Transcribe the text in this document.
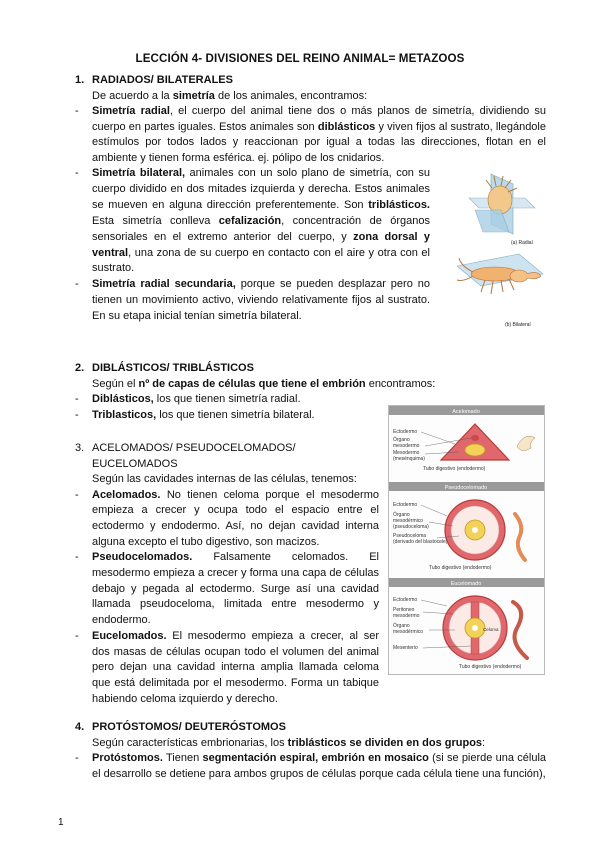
LECCIÓN 4- DIVISIONES DEL REINO ANIMAL= METAZOOS
1. RADIADOS/ BILATERALES

De acuerdo a la simetría de los animales, encontramos:

-	Simetría radial, el cuerpo del animal tiene dos o más planos de simetría, dividiendo su cuerpo en partes iguales. Estos animales son diblásticos y viven fijos al sustrato, llegándole estímulos por todos lados y reaccionan por igual a todas las direcciones, flotan en el ambiente y tienen forma esférica. ej. pólipo de los cnidarios.

-	Simetría bilateral, animales con un solo plano de simetría, con su cuerpo dividido en dos mitades izquierda y derecha. Estos animales se mueven en alguna dirección preferentemente. Son triblásticos. Esta simetría conlleva cefalización, concentración de órganos sensoriales en el extremo anterior del cuerpo, y zona dorsal y ventral, una zona de su cuerpo en contacto con el aire y otra con el sustrato.

-	Simetría radial secundaria, porque se pueden desplazar pero no tienen un movimiento activo, viviendo relativamente fijos al sustrato. En su etapa inicial tenían simetría bilateral.

(a) Radial
(b) Bilateral
2. DIBLÁSTICOS/ TRIBLÁSTICOS

Según el nº de capas de células que tiene el embrión encontramos:

-	Diblásticos, los que tienen simetría radial.

-	Triblasticos, los que tienen simetría bilateral.

3. ACELOMADOS/ PSEUDOCELOMADOS/ EUCELOMADOS

Según las cavidades internas de las células, tenemos:

-	Acelomados. No tienen celoma porque el mesodermo empieza a crecer y ocupa todo el espacio entre el ectodermo y endodermo. Así, no dejan cavidad interna alguna excepto el tubo digestivo, son macizos.

-	Pseudocelomados. Falsamente celomados. El mesodermo empieza a crecer y forma una capa de células debajo y pegada al ectodermo. Surge así una cavidad llamada pseudoceloma, limitada entre mesodermo y endodermo.

-	Eucelomados. El mesodermo empieza a crecer, al ser dos masas de células ocupan todo el volumen del animal pero dejan una cavidad interna amplia llamada celoma que está delimitada por el mesodermo. Forma un tabique habiendo celoma izquierdo y derecho.

Acelomado
Ectodermo
Órgano
mesodermo
Mesodermo
(mesénquima)
Tubo digestivo (endodermo)
Pseudocelomado
Ectodermo
Órgano
mesodérmico
(pseudoceloma)
Pseudoceloma
(derivado del blastocele)
Tubo digestivo (endodermo)
Eucelomado
Ectodermo
Peritoneo
mesodermo
Órgano
mesodérmico
Mesenterio
Celoma
Tubo digestivo (endodermo)
4. PROTÓSTOMOS/ DEUTERÓSTOMOS

Según características embrionarias, los triblásticos se dividen en dos grupos:

-	Protóstomos. Tienen segmentación espiral, embrión en mosaico (si se pierde una célula el desarrollo se detiene para ambos grupos de células porque cada célula tiene una función),

1
